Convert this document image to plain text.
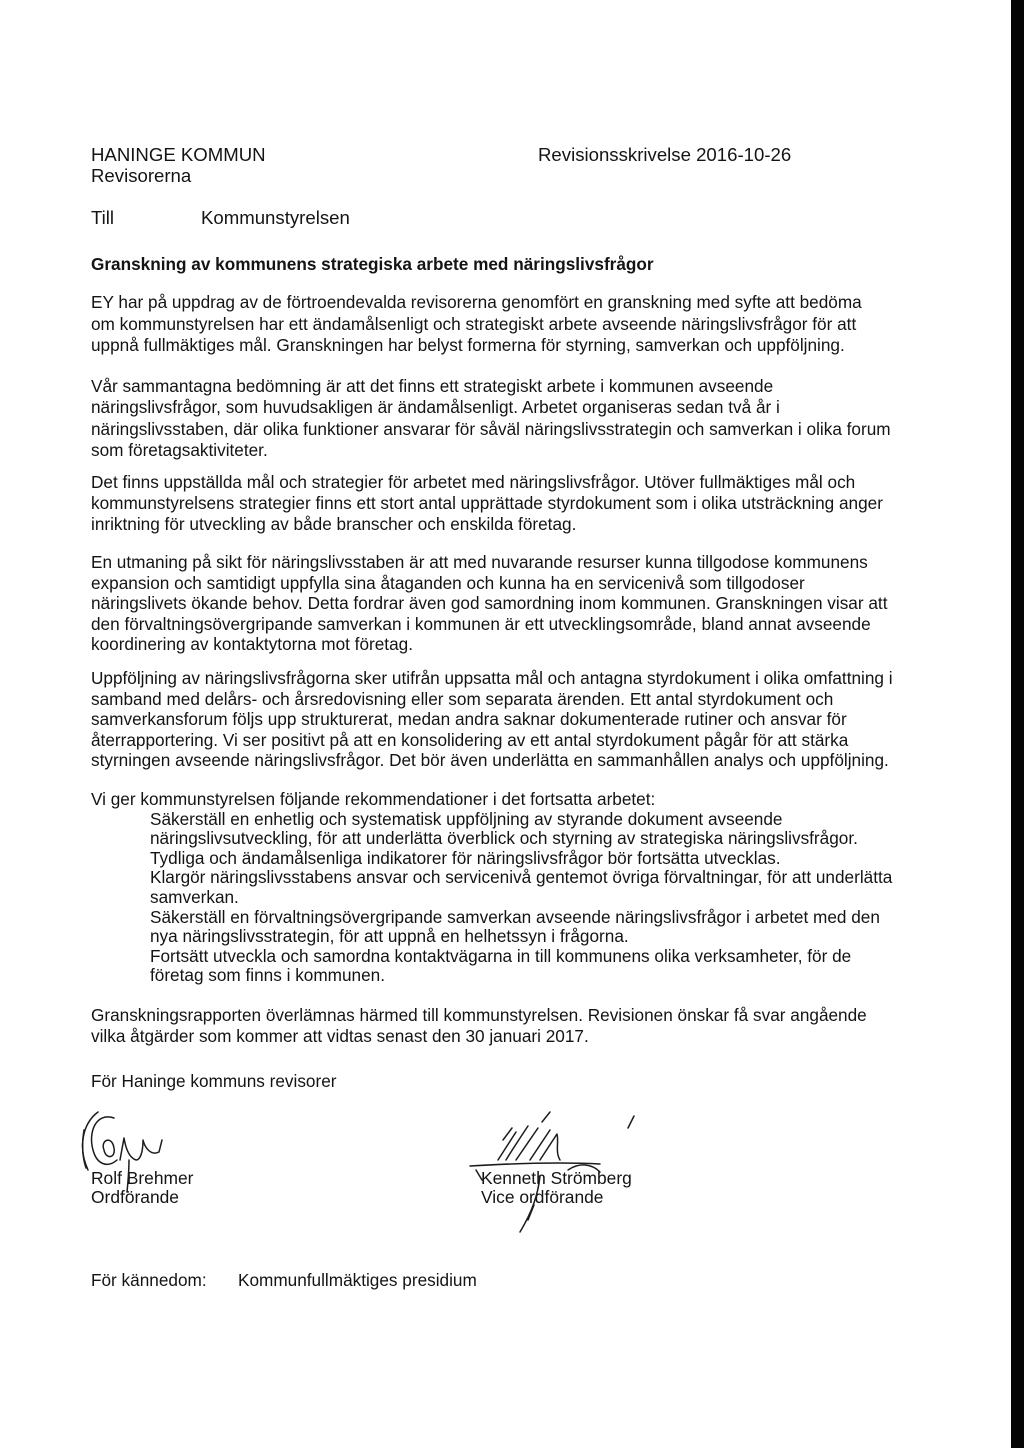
HANINGE KOMMUN
Revisorerna
Revisionsskrivelse 2016-10-26
Till	Kommunstyrelsen
Granskning av kommunens strategiska arbete med näringslivsfrågor
EY har på uppdrag av de förtroendevalda revisorerna genomfört en granskning med syfte att bedöma
om kommunstyrelsen har ett ändamålsenligt och strategiskt arbete avseende näringslivsfrågor för att
uppnå fullmäktiges mål. Granskningen har belyst formerna för styrning, samverkan och uppföljning.
Vår sammantagna bedömning är att det finns ett strategiskt arbete i kommunen avseende
näringslivsfrågor, som huvudsakligen är ändamålsenligt. Arbetet organiseras sedan två år i
näringslivsstaben, där olika funktioner ansvarar för såväl näringslivsstrategin och samverkan i olika forum
som företagsaktiviteter.
Det finns uppställda mål och strategier för arbetet med näringslivsfrågor. Utöver fullmäktiges mål och
kommunstyrelsens strategier finns ett stort antal upprättade styrdokument som i olika utsträckning anger
inriktning för utveckling av både branscher och enskilda företag.
En utmaning på sikt för näringslivsstaben är att med nuvarande resurser kunna tillgodose kommunens
expansion och samtidigt uppfylla sina åtaganden och kunna ha en servicenivå som tillgodoser
näringslivets ökande behov. Detta fordrar även god samordning inom kommunen. Granskningen visar att
den förvaltningsövergripande samverkan i kommunen är ett utvecklingsområde, bland annat avseende
koordinering av kontaktytorna mot företag.
Uppföljning av näringslivsfrågorna sker utifrån uppsatta mål och antagna styrdokument i olika omfattning i
samband med delårs- och årsredovisning eller som separata ärenden. Ett antal styrdokument och
samverkansforum följs upp strukturerat, medan andra saknar dokumenterade rutiner och ansvar för
återrapportering. Vi ser positivt på att en konsolidering av ett antal styrdokument pågår för att stärka
styrningen avseende näringslivsfrågor. Det bör även underlätta en sammanhållen analys och uppföljning.
Vi ger kommunstyrelsen följande rekommendationer i det fortsatta arbetet:
Säkerställ en enhetlig och systematisk uppföljning av styrande dokument avseende
näringslivsutveckling, för att underlätta överblick och styrning av strategiska näringslivsfrågor.
Tydliga och ändamålsenliga indikatorer för näringslivsfrågor bör fortsätta utvecklas.
Klargör näringslivsstabens ansvar och servicenivå gentemot övriga förvaltningar, för att underlätta
samverkan.
Säkerställ en förvaltningsövergripande samverkan avseende näringslivsfrågor i arbetet med den
nya näringslivsstrategin, för att uppnå en helhetssyn i frågorna.
Fortsätt utveckla och samordna kontaktvägarna in till kommunens olika verksamheter, för de
företag som finns i kommunen.
Granskningsrapporten överlämnas härmed till kommunstyrelsen. Revisionen önskar få svar angående
vilka åtgärder som kommer att vidtas senast den 30 januari 2017.
För Haninge kommuns revisorer
Rolf Brehmer
Ordförande
Kenneth Strömberg
Vice ordförande
För kännedom: Kommunfullmäktiges presidium
